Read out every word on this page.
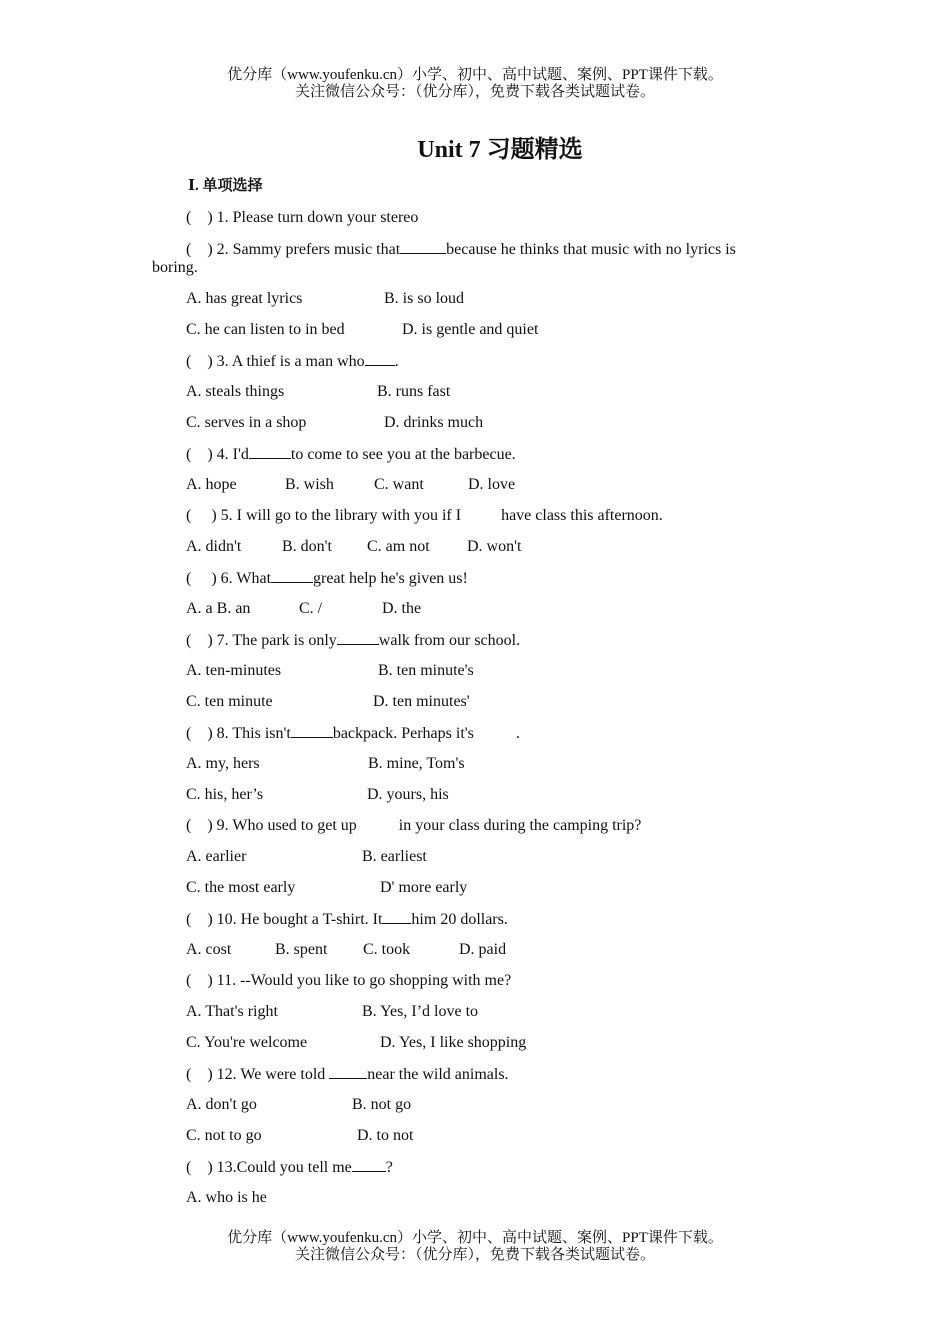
优分库（www.youfenku.cn）小学、初中、高中试题、案例、PPT课件下载。
关注微信公众号：（优分库），免费下载各类试题试卷。
Unit 7 习题精选
Ⅰ. 单项选择
(    ) 1. Please turn down your stereo
(    ) 2. Sammy prefers music that	because he thinks that music with no lyrics is
boring.
A. has great lyrics	B. is so loud
C. he can listen to in bed	D. is gentle and quiet
(    ) 3. A thief is a man who .
A. steals things	B. runs fast
C. serves in a shop	D. drinks much
(    ) 4. I'd	to come to see you at the barbecue.
A. hope	B. wish	C. want	D. love
(     ) 5. I will go to the library with you if I	have class this afternoon.
A. didn't	B. don't C. am not D. won't
(     ) 6. What	great help he's given us!
A. a B. an	C. /	D. the
(    ) 7. The park is only	walk from our school.
A. ten-minutes	B. ten minute's
C. ten minute	D. ten minutes'
(    ) 8. This isn't	backpack. Perhaps it's	.
A. my, hers	B. mine, Tom's
C. his, her’s	D. yours, his
(    ) 9. Who used to get up	in your class during the camping trip?
A. earlier	B. earliest
C. the most early	D' more early
(    ) 10. He bought a T-shirt. It him 20 dollars.
A. cost	B. spent C. took	D. paid
(    ) 11. --Would you like to go shopping with me?
A. That's right	B. Yes, I’d love to
C. You're welcome	D. Yes, I like shopping
(    ) 12. We were told near the wild animals.
A. don't go	B. not go
C. not to go	D. to not
(    ) 13.Could you tell me ?
A. who is he
优分库（www.youfenku.cn）小学、初中、高中试题、案例、PPT课件下载。
关注微信公众号：（优分库），免费下载各类试题试卷。
